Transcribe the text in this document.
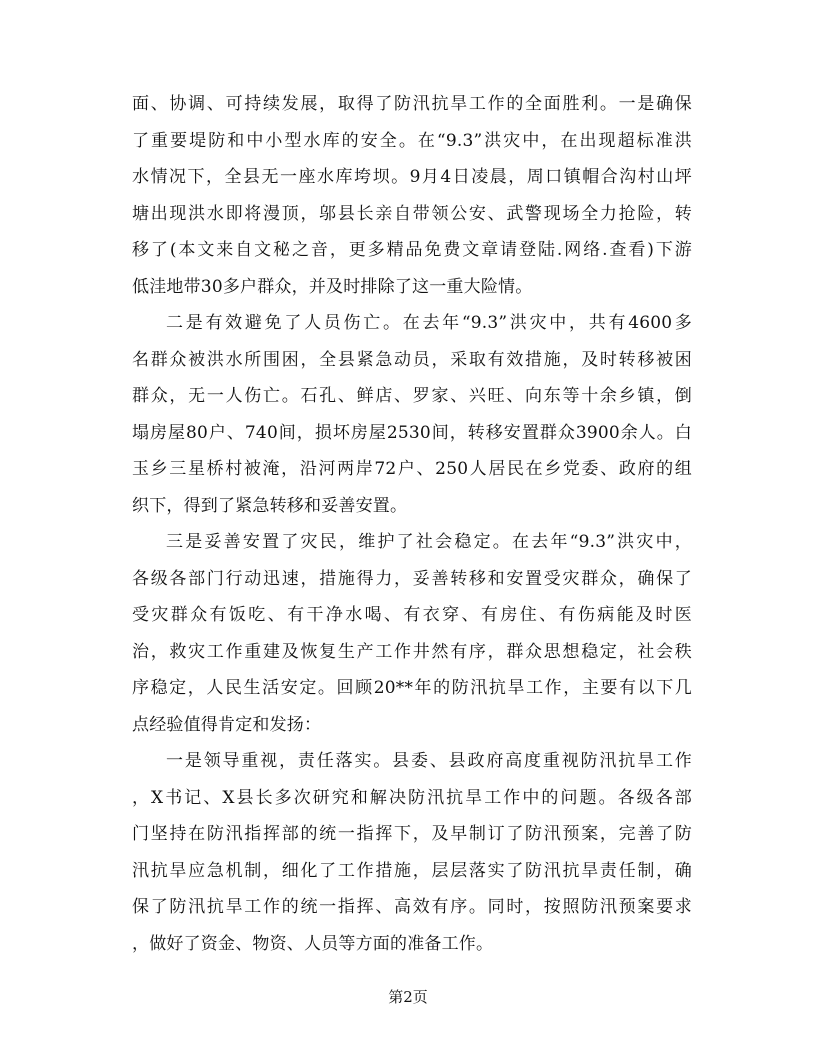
面、协调、可持续发展，取得了防汛抗旱工作的全面胜利。一是确保
了重要堤防和中小型水库的安全。在“9.3”洪灾中，在出现超标准洪
水情况下，全县无一座水库垮坝。9月4日凌晨，周口镇帽合沟村山坪
塘出现洪水即将漫顶，邬县长亲自带领公安、武警现场全力抢险，转
移了(本文来自文秘之音，更多精品免费文章请登陆.网络.查看)下游
低洼地带30多户群众，并及时排除了这一重大险情。
二是有效避免了人员伤亡。在去年“9.3”洪灾中，共有4600多
名群众被洪水所围困，全县紧急动员，采取有效措施，及时转移被困
群众，无一人伤亡。石孔、鲜店、罗家、兴旺、向东等十余乡镇，倒
塌房屋80户、740间，损坏房屋2530间，转移安置群众3900余人。白
玉乡三星桥村被淹，沿河两岸72户、250人居民在乡党委、政府的组
织下，得到了紧急转移和妥善安置。
三是妥善安置了灾民，维护了社会稳定。在去年“9.3”洪灾中，
各级各部门行动迅速，措施得力，妥善转移和安置受灾群众，确保了
受灾群众有饭吃、有干净水喝、有衣穿、有房住、有伤病能及时医
治，救灾工作重建及恢复生产工作井然有序，群众思想稳定，社会秩
序稳定，人民生活安定。回顾20**年的防汛抗旱工作，主要有以下几
点经验值得肯定和发扬：
一是领导重视，责任落实。县委、县政府高度重视防汛抗旱工作
，X书记、X县长多次研究和解决防汛抗旱工作中的问题。各级各部
门坚持在防汛指挥部的统一指挥下，及早制订了防汛预案，完善了防
汛抗旱应急机制，细化了工作措施，层层落实了防汛抗旱责任制，确
保了防汛抗旱工作的统一指挥、高效有序。同时，按照防汛预案要求
，做好了资金、物资、人员等方面的准备工作。
第2页
